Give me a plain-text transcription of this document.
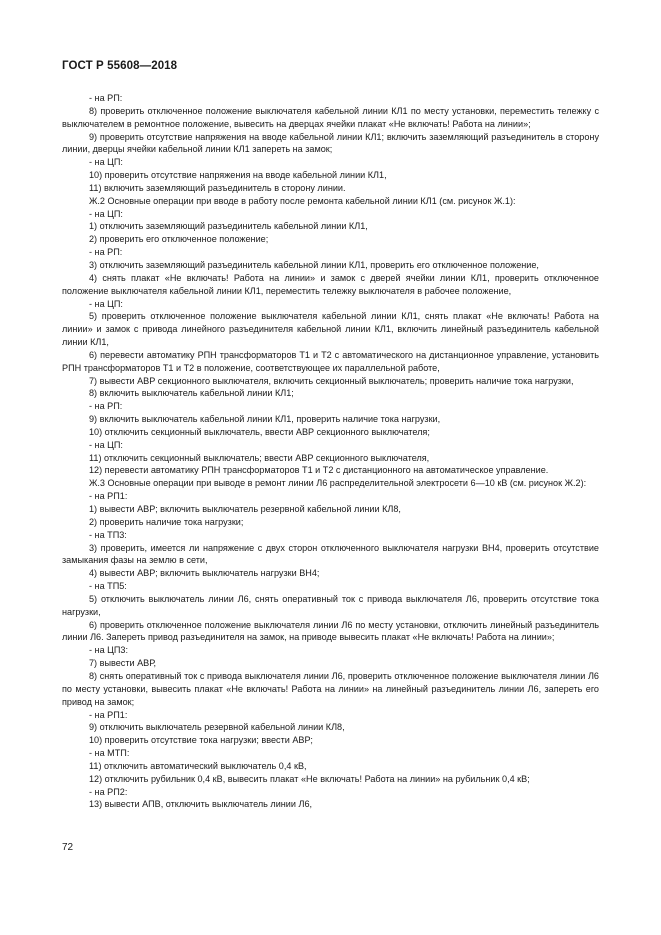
ГОСТ Р 55608—2018

- на РП:

8) проверить отключенное положение выключателя кабельной линии КЛ1 по месту установки, переместить тележку с выключателем в ремонтное положение, вывесить на дверцах ячейки плакат «Не включать! Работа на линии»;

9) проверить отсутствие напряжения на вводе кабельной линии КЛ1; включить заземляющий разъединитель в сторону линии, дверцы ячейки кабельной линии КЛ1 запереть на замок;

- на ЦП:

10) проверить отсутствие напряжения на вводе кабельной линии КЛ1,

11) включить заземляющий разъединитель в сторону линии.

Ж.2 Основные операции при вводе в работу после ремонта кабельной линии КЛ1 (см. рисунок Ж.1):

- на ЦП:

1) отключить заземляющий разъединитель кабельной линии КЛ1,

2) проверить его отключенное положение;

- на РП:

3) отключить заземляющий разъединитель кабельной линии КЛ1, проверить его отключенное положение,

4) снять плакат «Не включать! Работа на линии» и замок с дверей ячейки линии КЛ1, проверить отключенное положение выключателя кабельной линии КЛ1, переместить тележку выключателя в рабочее положение,

- на ЦП:

5) проверить отключенное положение выключателя кабельной линии КЛ1, снять плакат «Не включать! Работа на линии» и замок с привода линейного разъединителя кабельной линии КЛ1, включить линейный разъединитель кабельной линии КЛ1,

6) перевести автоматику РПН трансформаторов Т1 и Т2 с автоматического на дистанционное управление, установить РПН трансформаторов Т1 и Т2 в положение, соответствующее их параллельной работе,

7) вывести АВР секционного выключателя, включить секционный выключатель; проверить наличие тока нагрузки,

8) включить выключатель кабельной линии КЛ1;

- на РП:

9) включить выключатель кабельной линии КЛ1, проверить наличие тока нагрузки,

10) отключить секционный выключатель, ввести АВР секционного выключателя;

- на ЦП:

11) отключить секционный выключатель; ввести АВР секционного выключателя,

12) перевести автоматику РПН трансформаторов Т1 и Т2 с дистанционного на автоматическое управление.

Ж.3 Основные операции при выводе в ремонт линии Л6 распределительной электросети 6—10 кВ (см. рисунок Ж.2):

- на РП1:

1) вывести АВР; включить выключатель резервной кабельной линии КЛ8,

2) проверить наличие тока нагрузки;

- на ТП3:

3) проверить, имеется ли напряжение с двух сторон отключенного выключателя нагрузки ВН4, проверить отсутствие замыкания фазы на землю в сети,

4) вывести АВР; включить выключатель нагрузки ВН4;

- на ТП5:

5) отключить выключатель линии Л6, снять оперативный ток с привода выключателя Л6, проверить отсутствие тока нагрузки,

6) проверить отключенное положение выключателя линии Л6 по месту установки, отключить линейный разъединитель линии Л6. Запереть привод разъединителя на замок, на приводе вывесить плакат «Не включать! Работа на линии»;

- на ЦП3:

7) вывести АВР,

8) снять оперативный ток с привода выключателя линии Л6, проверить отключенное положение выключателя линии Л6 по месту установки, вывесить плакат «Не включать! Работа на линии» на линейный разъединитель линии Л6, запереть его привод на замок;

- на РП1:

9) отключить выключатель резервной кабельной линии КЛ8,

10) проверить отсутствие тока нагрузки; ввести АВР;

- на МТП:

11) отключить автоматический выключатель 0,4 кВ,

12) отключить рубильник 0,4 кВ, вывесить плакат «Не включать! Работа на линии» на рубильник 0,4 кВ;

- на РП2:

13) вывести АПВ, отключить выключатель линии Л6,

72
